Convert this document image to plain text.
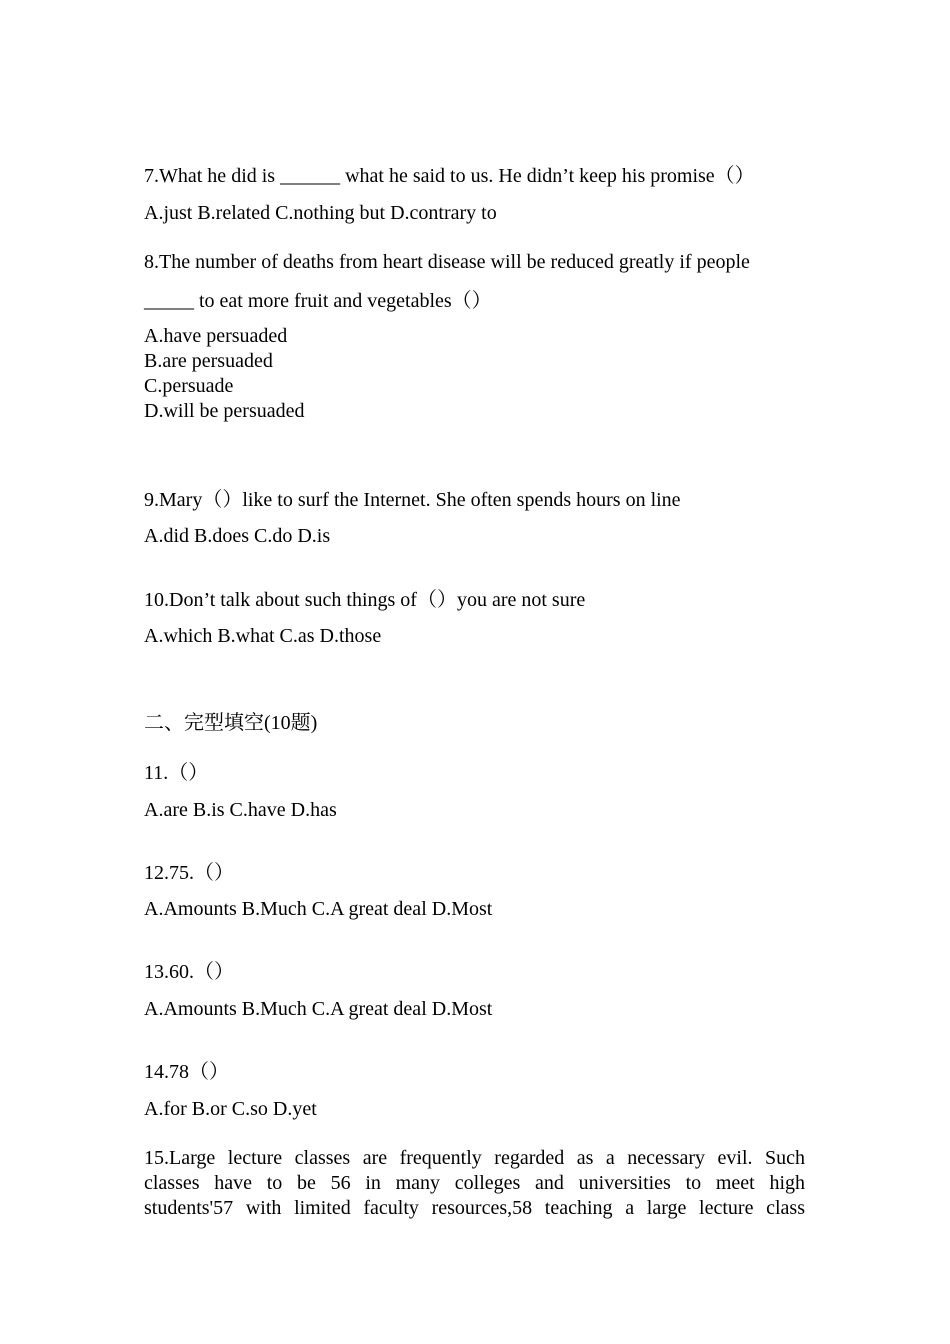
7.What he did is ______ what he said to us. He didn’t keep his promise（）
A.just B.related C.nothing but D.contrary to
8.The number of deaths from heart disease will be reduced greatly if people
_____ to eat more fruit and vegetables（）
A.have persuaded
B.are persuaded
C.persuade
D.will be persuaded
9.Mary（）like to surf the Internet. She often spends hours on line
A.did B.does C.do D.is
10.Don’t talk about such things of（）you are not sure
A.which B.what C.as D.those
二、完型填空(10题)
11.（）
A.are B.is C.have D.has
12.75.（）
A.Amounts B.Much C.A great deal D.Most
13.60.（）
A.Amounts B.Much C.A great deal D.Most
14.78（）
A.for B.or C.so D.yet
15.Large lecture classes are frequently regarded as a necessary evil. Such
classes have to be 56 in many colleges and universities to meet high
students'57 with limited faculty resources,58 teaching a large lecture class
